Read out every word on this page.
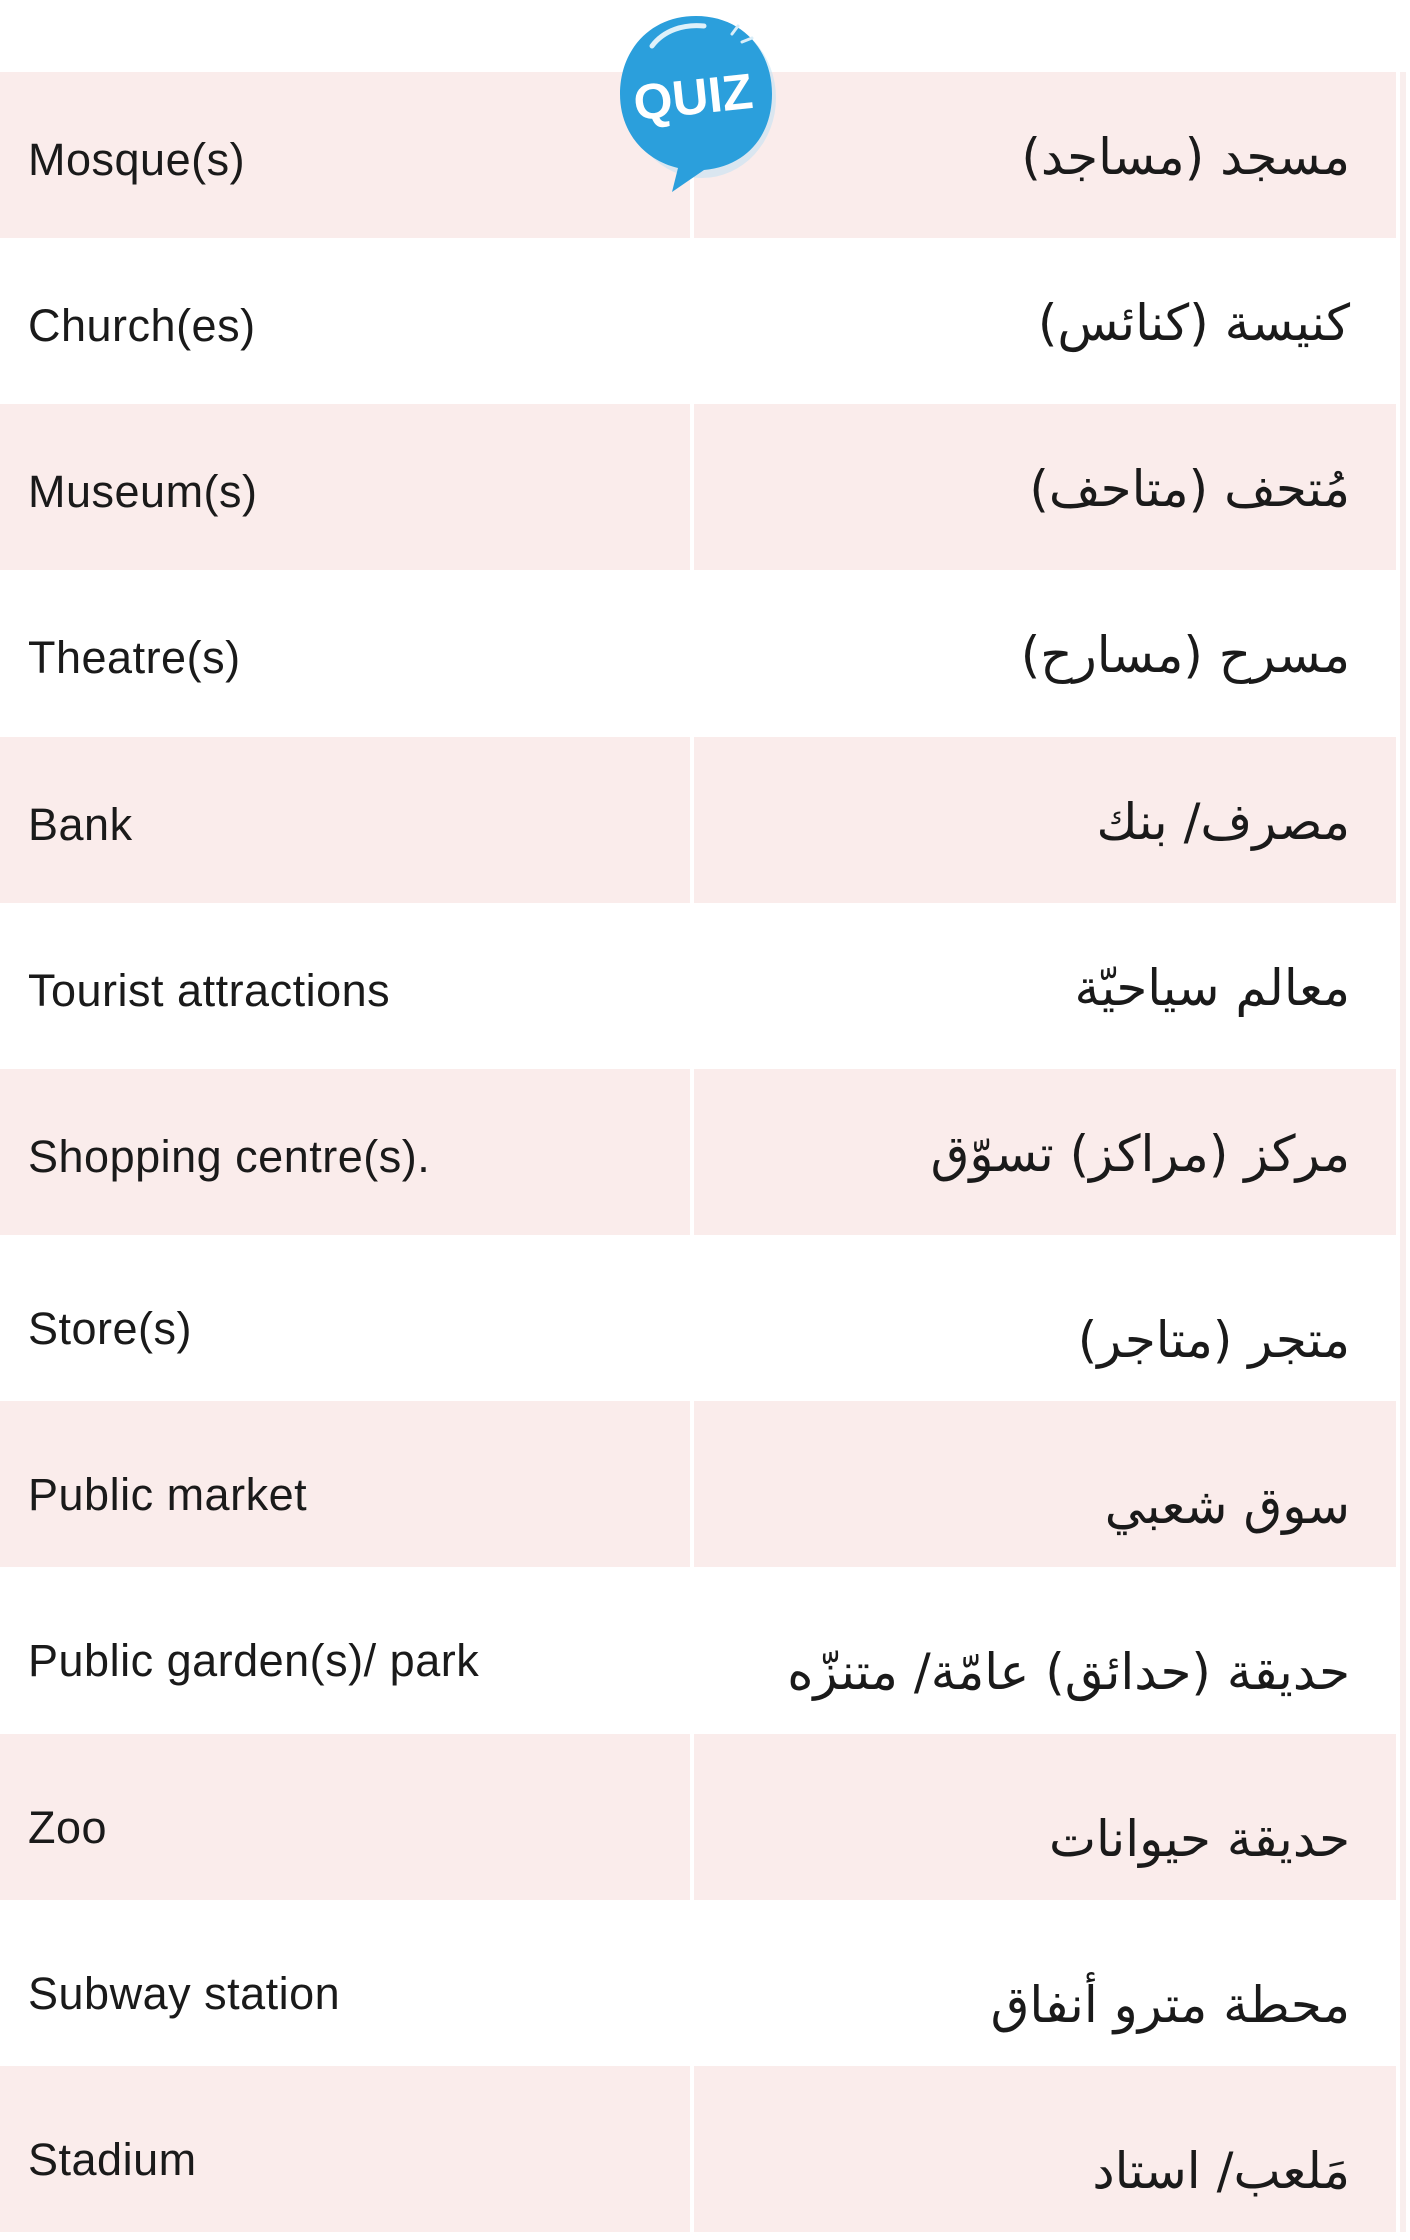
Mosque(s)	مسجد (مساجد)
Church(es)	كنيسة (كنائس)
Museum(s)	مُتحف (متاحف)
Theatre(s)	مسرح (مسارح)
Bank	مصرف/ بنك
Tourist attractions	معالم سياحيّة
Shopping centre(s).	مركز (مراكز) تسوّق
Store(s)	متجر (متاجر)
Public market	سوق شعبي
Public garden(s)/ park	حديقة (حدائق) عامّة/ متنزّه
Zoo	حديقة حيوانات
Subway station	محطة مترو أنفاق
Stadium	مَلعب/ استاد
QUIZ
